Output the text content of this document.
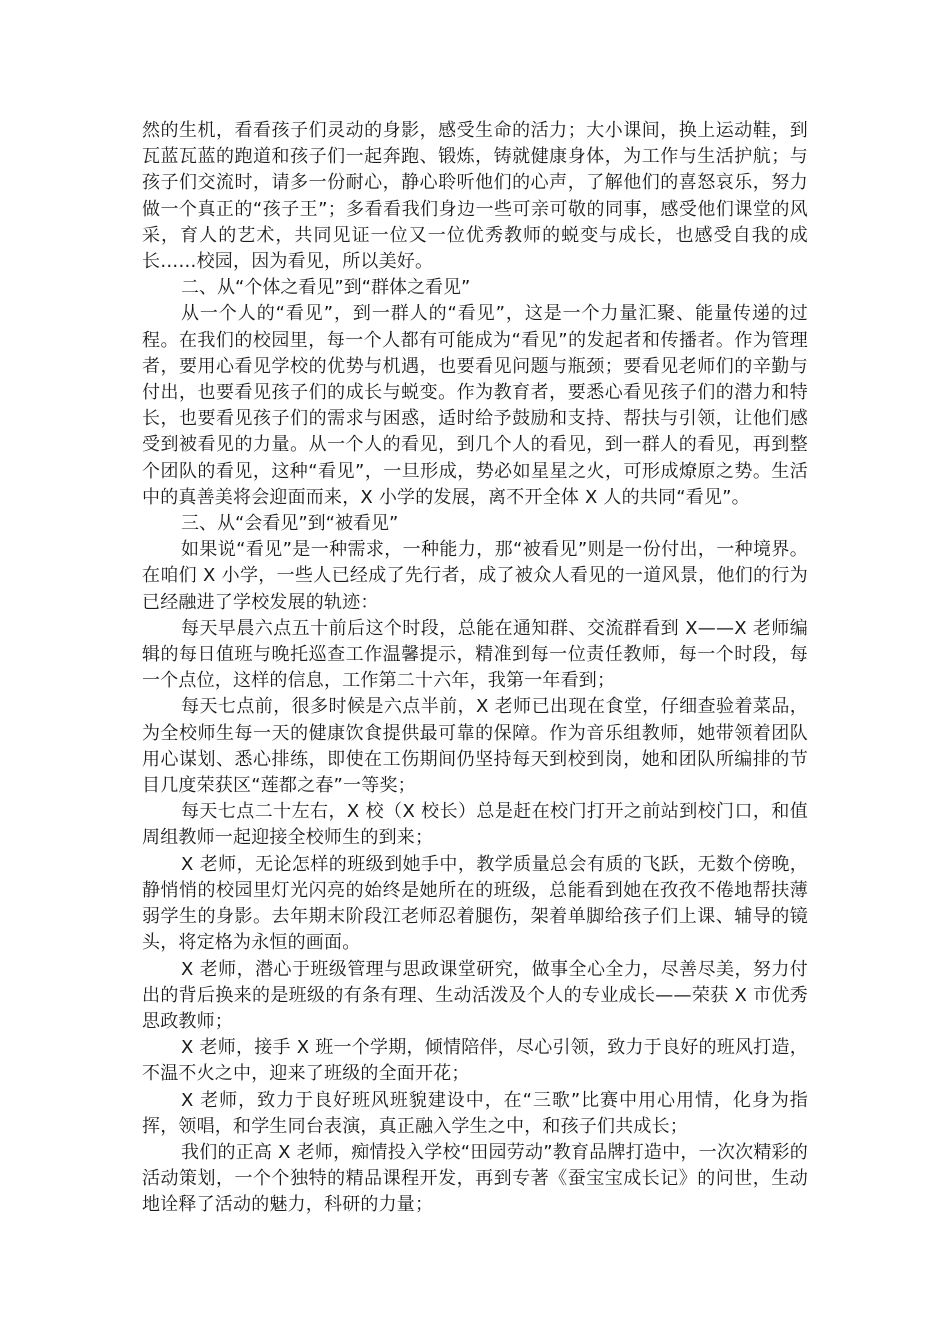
然的生机，看看孩子们灵动的身影，感受生命的活力；大小课间，换上运动鞋，到瓦蓝瓦蓝的跑道和孩子们一起奔跑、锻炼，铸就健康身体，为工作与生活护航；与孩子们交流时，请多一份耐心，静心聆听他们的心声，了解他们的喜怒哀乐，努力做一个真正的“孩子王”；多看看我们身边一些可亲可敬的同事，感受他们课堂的风采，育人的艺术，共同见证一位又一位优秀教师的蜕变与成长，也感受自我的成长……校园，因为看见，所以美好。

二、从“个体之看见”到“群体之看见”

从一个人的“看见”，到一群人的“看见”，这是一个力量汇聚、能量传递的过程。在我们的校园里，每一个人都有可能成为“看见”的发起者和传播者。作为管理者，要用心看见学校的优势与机遇，也要看见问题与瓶颈；要看见老师们的辛勤与付出，也要看见孩子们的成长与蜕变。作为教育者，要悉心看见孩子们的潜力和特长，也要看见孩子们的需求与困惑，适时给予鼓励和支持、帮扶与引领，让他们感受到被看见的力量。从一个人的看见，到几个人的看见，到一群人的看见，再到整个团队的看见，这种“看见”，一旦形成，势必如星星之火，可形成燎原之势。生活中的真善美将会迎面而来，X 小学的发展，离不开全体 X 人的共同“看见”。

三、从“会看见”到“被看见”

如果说“看见”是一种需求，一种能力，那“被看见”则是一份付出，一种境界。在咱们 X 小学，一些人已经成了先行者，成了被众人看见的一道风景，他们的行为已经融进了学校发展的轨迹：

每天早晨六点五十前后这个时段，总能在通知群、交流群看到 X——X 老师编辑的每日值班与晚托巡查工作温馨提示，精准到每一位责任教师，每一个时段，每一个点位，这样的信息，工作第二十六年，我第一年看到；

每天七点前，很多时候是六点半前，X 老师已出现在食堂，仔细查验着菜品，为全校师生每一天的健康饮食提供最可靠的保障。作为音乐组教师，她带领着团队用心谋划、悉心排练，即使在工伤期间仍坚持每天到校到岗，她和团队所编排的节目几度荣获区“莲都之春”一等奖；

每天七点二十左右，X 校（X 校长）总是赶在校门打开之前站到校门口，和值周组教师一起迎接全校师生的到来；

X 老师，无论怎样的班级到她手中，教学质量总会有质的飞跃，无数个傍晚，静悄悄的校园里灯光闪亮的始终是她所在的班级，总能看到她在孜孜不倦地帮扶薄弱学生的身影。去年期末阶段江老师忍着腿伤，架着单脚给孩子们上课、辅导的镜头，将定格为永恒的画面。

X 老师，潜心于班级管理与思政课堂研究，做事全心全力，尽善尽美，努力付出的背后换来的是班级的有条有理、生动活泼及个人的专业成长——荣获 X 市优秀思政教师；

X 老师，接手 X 班一个学期，倾情陪伴，尽心引领，致力于良好的班风打造，不温不火之中，迎来了班级的全面开花；

X 老师，致力于良好班风班貌建设中，在“三歌”比赛中用心用情，化身为指挥，领唱，和学生同台表演，真正融入学生之中，和孩子们共成长；

我们的正高 X 老师，痴情投入学校“田园劳动”教育品牌打造中，一次次精彩的活动策划，一个个独特的精品课程开发，再到专著《蚕宝宝成长记》的问世，生动地诠释了活动的魅力，科研的力量；
